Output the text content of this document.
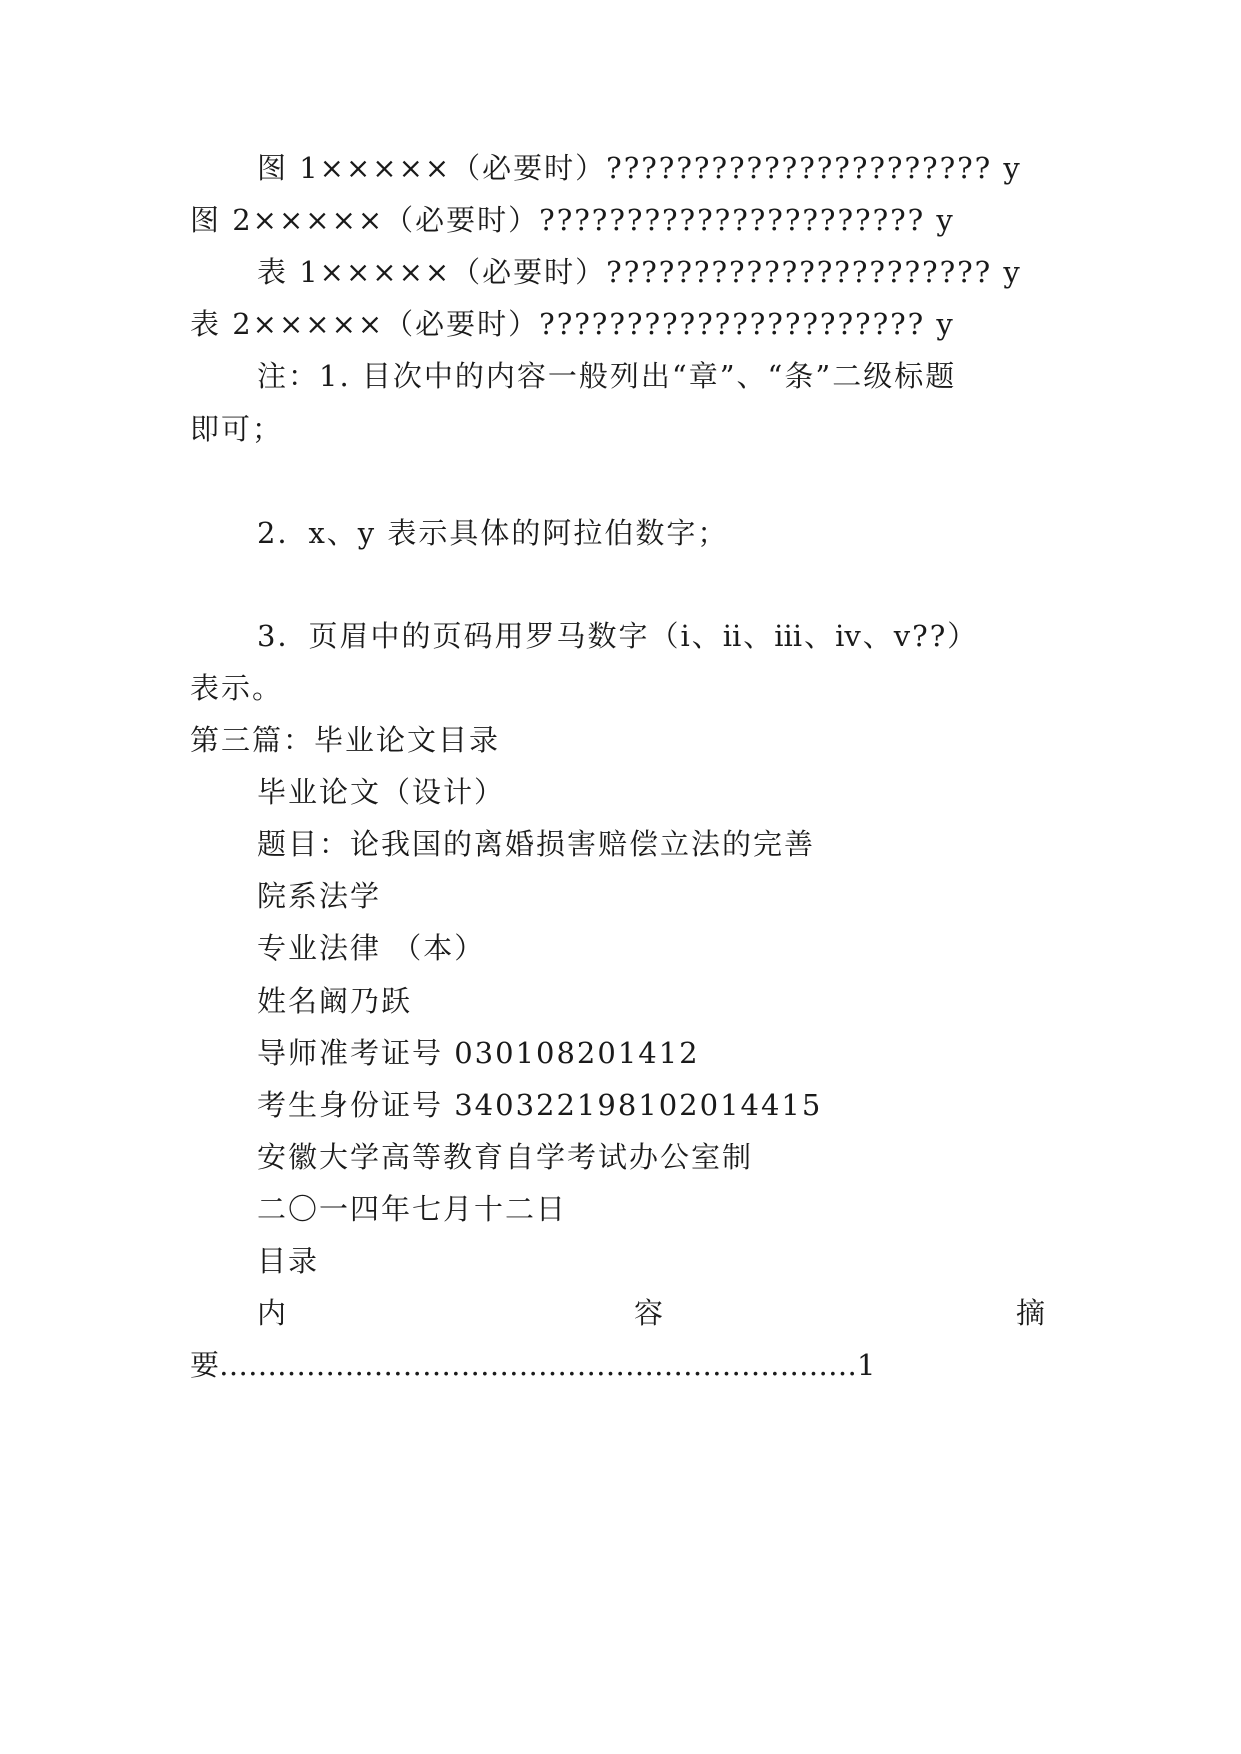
图 1×××××（必要时）?????????????????????? y
图 2×××××（必要时）?????????????????????? y
表 1×××××（必要时）?????????????????????? y
表 2×××××（必要时）?????????????????????? y
注：1. 目次中的内容一般列出“章”、“条”二级标题
即可；
2．x、y 表示具体的阿拉伯数字；
3．页眉中的页码用罗马数字（ⅰ、ⅱ、ⅲ、ⅳ、ⅴ??）
表示。
第三篇：毕业论文目录
毕业论文（设计）
题目：论我国的离婚损害赔偿立法的完善
院系法学
专业法律 （本）
姓名阚乃跃
导师准考证号 030108201412
考生身份证号 340322198102014415
安徽大学高等教育自学考试办公室制
二〇一四年七月十二日
目录
内	容	摘
要…………………………………………………………1
